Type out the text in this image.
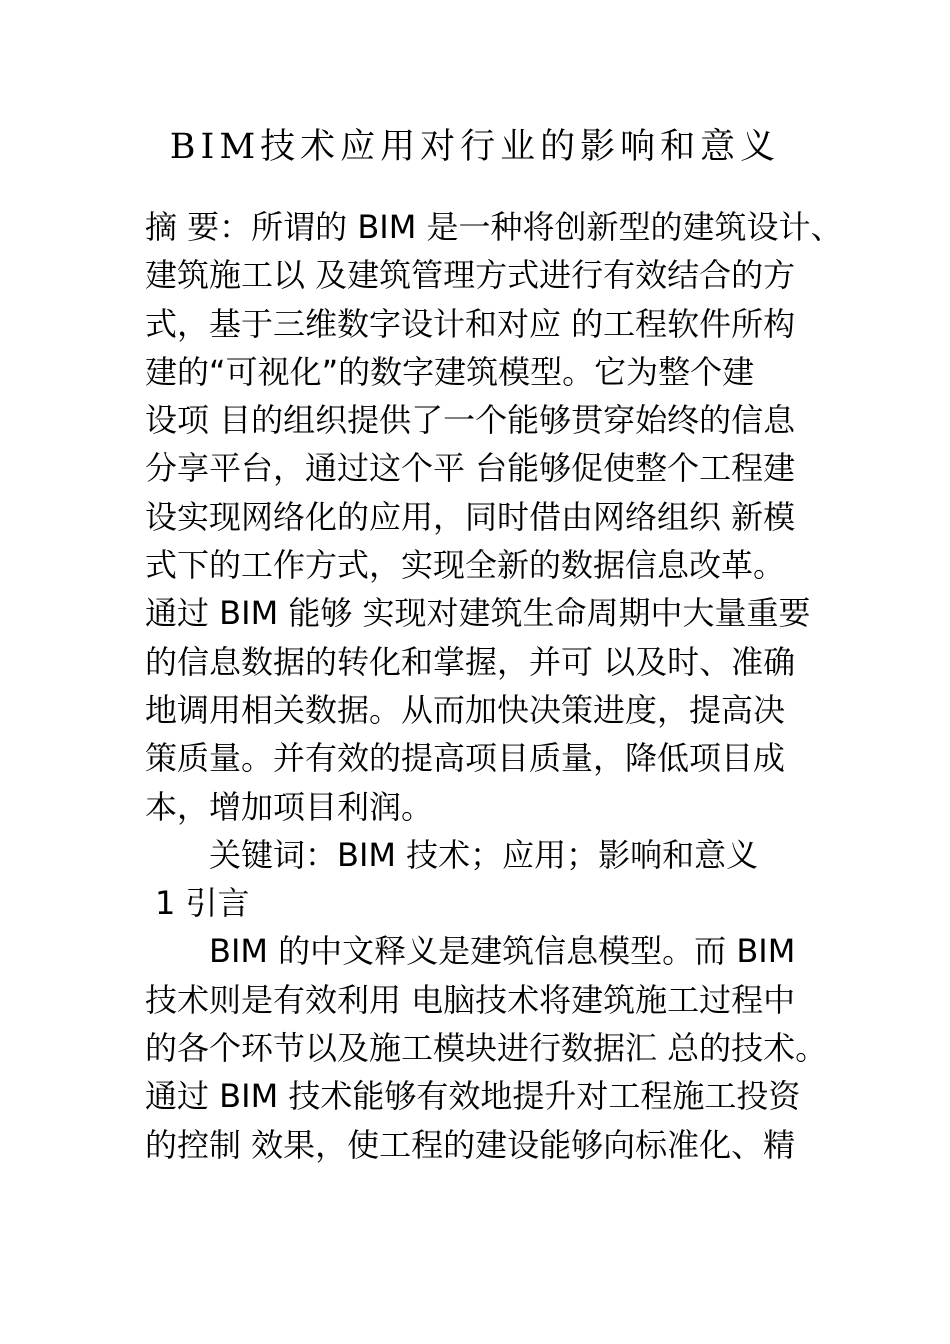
BIM技术应用对行业的影响和意义
摘 要：所谓的 BIM 是一种将创新型的建筑设计、
建筑施工以 及建筑管理方式进行有效结合的方
式，基于三维数字设计和对应 的工程软件所构
建的“可视化”的数字建筑模型。它为整个建
设项 目的组织提供了一个能够贯穿始终的信息
分享平台，通过这个平 台能够促使整个工程建
设实现网络化的应用，同时借由网络组织 新模
式下的工作方式，实现全新的数据信息改革。
通过 BIM 能够 实现对建筑生命周期中大量重要
的信息数据的转化和掌握，并可 以及时、准确
地调用相关数据。从而加快决策进度，提高决
策质量。并有效的提高项目质量，降低项目成
本，增加项目利润。
关键词：BIM 技术；应用；影响和意义
1 引言
BIM 的中文释义是建筑信息模型。而 BIM
技术则是有效利用 电脑技术将建筑施工过程中
的各个环节以及施工模块进行数据汇 总的技术。
通过 BIM 技术能够有效地提升对工程施工投资
的控制 效果，使工程的建设能够向标准化、精
